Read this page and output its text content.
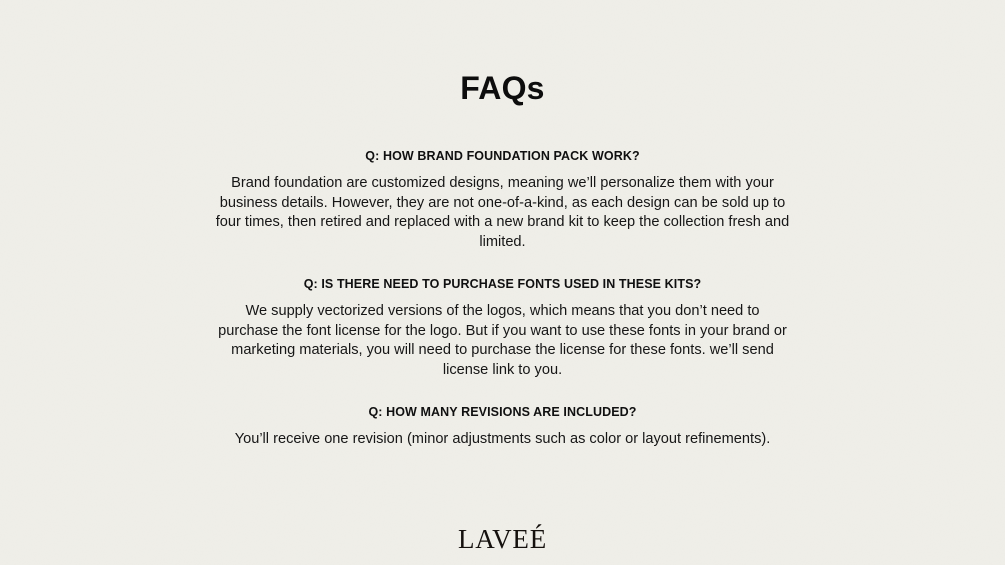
FAQs
Q: HOW BRAND FOUNDATION PACK WORK?

Brand foundation are customized designs, meaning we’ll personalize them with your business details. However, they are not one-of-a-kind, as each design can be sold up to four times, then retired and replaced with a new brand kit to keep the collection fresh and limited.

Q: IS THERE NEED TO PURCHASE FONTS USED IN THESE KITS?

We supply vectorized versions of the logos, which means that you don’t need to purchase the font license for the logo. But if you want to use these fonts in your brand or marketing materials, you will need to purchase the license for these fonts. we’ll send license link to you.

Q: HOW MANY REVISIONS ARE INCLUDED?

You’ll receive one revision (minor adjustments such as color or layout refinements).

LAVEÉ
